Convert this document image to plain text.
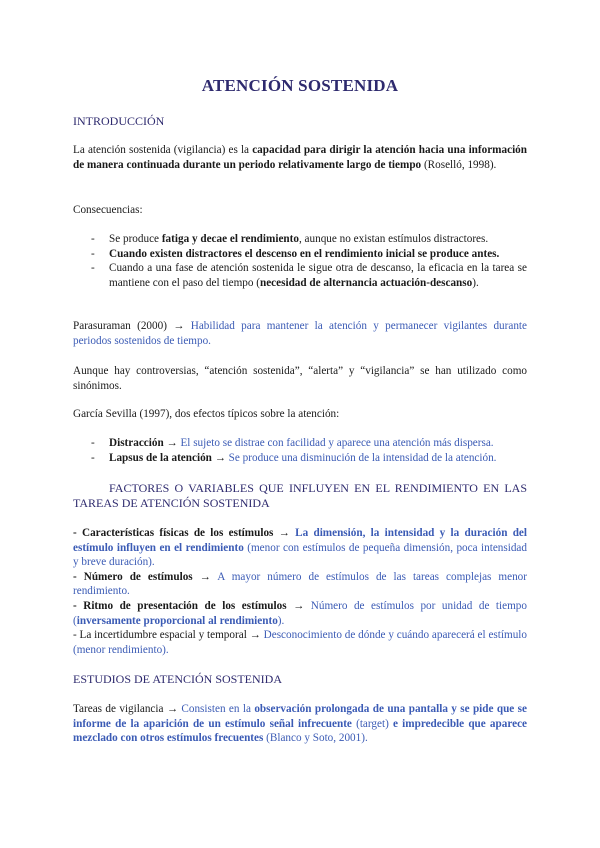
ATENCIÓN SOSTENIDA

INTRODUCCIÓN

La atención sostenida (vigilancia) es la capacidad para dirigir la atención hacia una información de manera continuada durante un periodo relativamente largo de tiempo (Roselló, 1998).

Consecuencias:

- Se produce fatiga y decae el rendimiento, aunque no existan estímulos distractores.
- Cuando existen distractores el descenso en el rendimiento inicial se produce antes.
- Cuando a una fase de atención sostenida le sigue otra de descanso, la eficacia en la tarea se mantiene con el paso del tiempo (necesidad de alternancia actuación-descanso).

Parasuraman (2000) → Habilidad para mantener la atención y permanecer vigilantes durante periodos sostenidos de tiempo.

Aunque hay controversias, “atención sostenida”, “alerta” y “vigilancia” se han utilizado como sinónimos.

García Sevilla (1997), dos efectos típicos sobre la atención:

- Distracción → El sujeto se distrae con facilidad y aparece una atención más dispersa.
- Lapsus de la atención → Se produce una disminución de la intensidad de la atención.

FACTORES O VARIABLES QUE INFLUYEN EN EL RENDIMIENTO EN LAS TAREAS DE ATENCIÓN SOSTENIDA

- Características físicas de los estímulos → La dimensión, la intensidad y la duración del estímulo influyen en el rendimiento (menor con estímulos de pequeña dimensión, poca intensidad y breve duración).

- Número de estímulos → A mayor número de estímulos de las tareas complejas menor rendimiento.

- Ritmo de presentación de los estímulos → Número de estímulos por unidad de tiempo (inversamente proporcional al rendimiento).

- La incertidumbre espacial y temporal → Desconocimiento de dónde y cuándo aparecerá el estímulo (menor rendimiento).

ESTUDIOS DE ATENCIÓN SOSTENIDA

Tareas de vigilancia → Consisten en la observación prolongada de una pantalla y se pide que se informe de la aparición de un estímulo señal infrecuente (target) e impredecible que aparece mezclado con otros estímulos frecuentes (Blanco y Soto, 2001).
